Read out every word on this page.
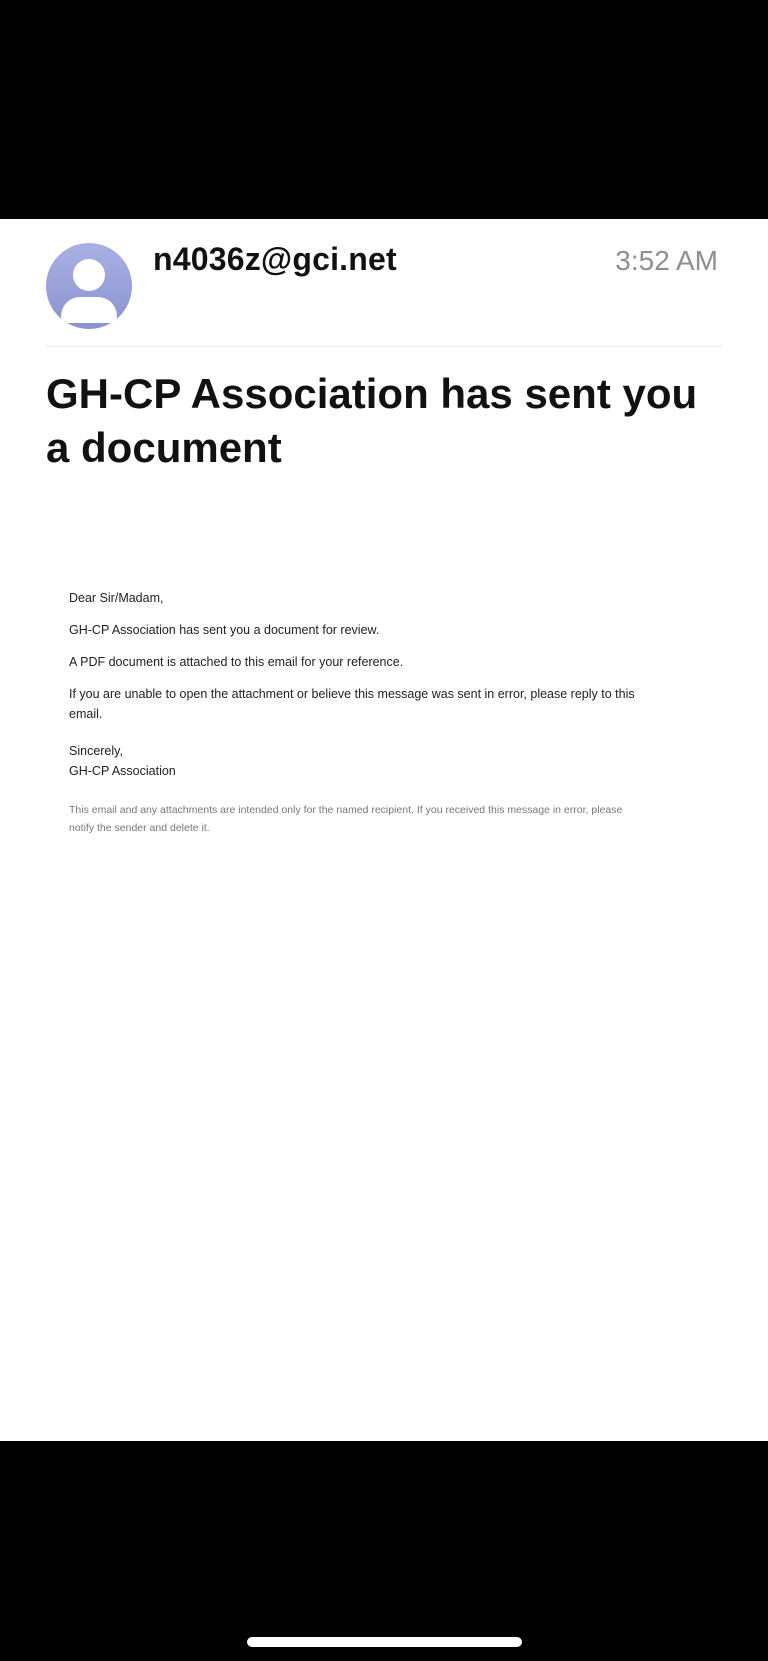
n4036z@gci.net	3:52 AM
GH-CP Association has sent you a document

Dear Sir/Madam,

GH-CP Association has sent you a document for review.

A PDF document is attached to this email for your reference.

If you are unable to open the attachment or believe this message was sent in error, please reply to this email.

Sincerely,

GH-CP Association

This email and any attachments are intended only for the named recipient. If you received this message in error, please notify the sender and delete it.
